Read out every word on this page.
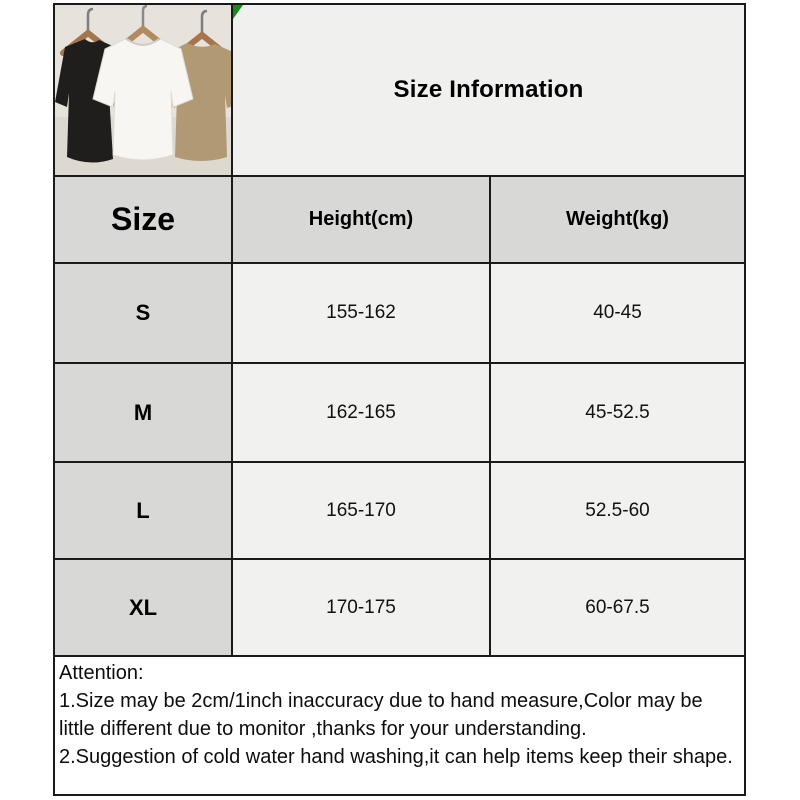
Size Information
Size	Height(cm)	Weight(kg)
S	155-162	40-45
M	162-165	45-52.5
L	165-170	52.5-60
XL	170-175	60-67.5

Attention:

1.Size may be 2cm/1inch inaccuracy due to hand measure,Color may be little different due to monitor ,thanks for your understanding.

2.Suggestion of cold water hand washing,it can help items keep their shape.
